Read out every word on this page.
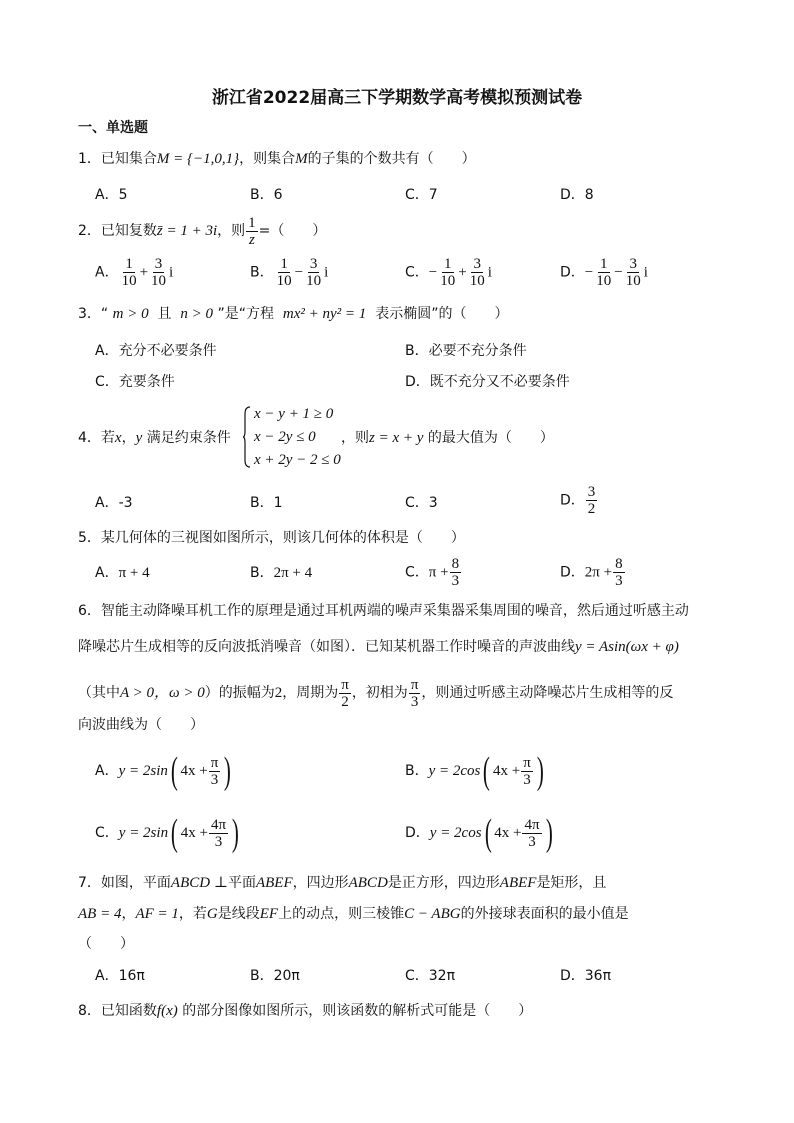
浙江省2022届高三下学期数学高考模拟预测试卷
一、单选题
1．已知集合M = {−1,0,1}，则集合M的子集的个数共有（　　）
A．5	B．6	C．7	D．8
2．已知复数z̄ = 1 + 3i，则 $\frac{1}{z}$ =（　　）
A． $\frac{1}{10} + \frac{3}{10}$ i	B． $\frac{1}{10} - \frac{3}{10}$ i	C．− $\frac{1}{10} + \frac{3}{10}$ i	D．− $\frac{1}{10} - \frac{3}{10}$ i
3．“ m > 0 且 n > 0 ”是“方程 mx² + ny² = 1 表示椭圆”的（　　）
A．充分不必要条件	B．必要不充分条件
C．充要条件	D．既不充分又不必要条件
4．若x，y 满足约束条件
x − y + 1 ≥ 0
x − 2y ≤ 0
x + 2y − 2 ≤ 0
，则z = x + y 的最大值为（　　）
A．-3	B．1	C．3	D． $\frac{3}{2}$
5．某几何体的三视图如图所示，则该几何体的体积是（　　）
A．π + 4	B．2π + 4	C．$\pi + \frac{8}{3}$	D．$2\pi + \frac{8}{3}$
6．智能主动降噪耳机工作的原理是通过耳机两端的噪声采集器采集周围的噪音，然后通过听感主动
降噪芯片生成相等的反向波抵消噪音（如图）．已知某机器工作时噪音的声波曲线y = Asin(ωx + φ)
（其中A > 0，ω > 0）的振幅为2，周期为 $\frac{\pi}{2}$ ，初相为 $\frac{\pi}{3}$ ，则通过听感主动降噪芯片生成相等的反
向波曲线为（　　）
A．y = 2sin( $4x + \frac{\pi}{3}$ )	B．y = 2cos( $4x + \frac{\pi}{3}$ )
C．y = 2sin( $4x + \frac{4\pi}{3}$ )	D．y = 2cos( $4x + \frac{4\pi}{3}$ )
7．如图，平面ABCD ⊥平面ABEF，四边形ABCD是正方形，四边形ABEF是矩形，且
AB = 4，AF = 1，若G是线段EF上的动点，则三棱锥C − ABG的外接球表面积的最小值是
（　　）
A．16π	B．20π	C．32π	D．36π
8．已知函数f(x) 的部分图像如图所示，则该函数的解析式可能是（　　）
